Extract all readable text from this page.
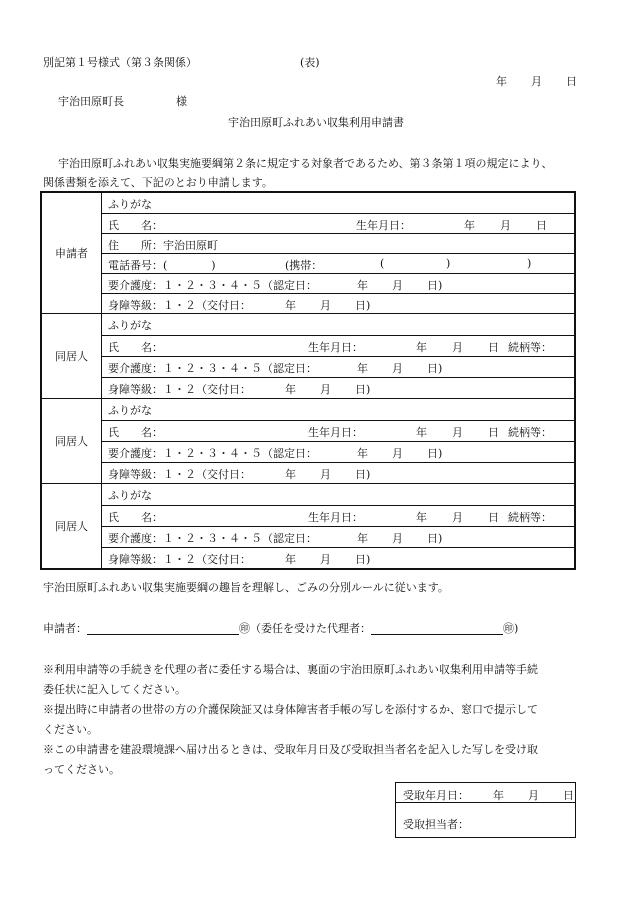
別記第１号様式（第３条関係）	(表)
年 月 日
宇治田原町長	様
宇治田原町ふれあい収集利用申請書
宇治田原町ふれあい収集実施要綱第２条に規定する対象者であるため、第３条第１項の規定により、
関係書類を添えて、下記のとおり申請します。
申請者
ふりがな
氏　　名：	生年月日：	年 月 日
住　　所：宇治田原町
電話番号：(　　　　)	(携帯：	(	)	)
要介護度：１・２・３・４・５（認定日：	年 月 日)
身障等級：１・２（交付日：	年 月 日)
同居人
ふりがな
氏　　名：	生年月日：	年 月 日 続柄等：
要介護度：１・２・３・４・５（認定日：	年 月 日)
身障等級：１・２（交付日：	年 月 日)
同居人
ふりがな
氏　　名：	生年月日：	年 月 日 続柄等：
要介護度：１・２・３・４・５（認定日：	年 月 日)
身障等級：１・２（交付日：	年 月 日)
同居人
ふりがな
氏　　名：	生年月日：	年 月 日 続柄等：
要介護度：１・２・３・４・５（認定日：	年 月 日)
身障等級：１・２（交付日：	年 月 日)
宇治田原町ふれあい収集実施要綱の趣旨を理解し、ごみの分別ルールに従います。
申請者：	㊞（委任を受けた代理者：	㊞)
※利用申請等の手続きを代理の者に委任する場合は、裏面の宇治田原町ふれあい収集利用申請等手続
委任状に記入してください。
※提出時に申請者の世帯の方の介護保険証又は身体障害者手帳の写しを添付するか、窓口で提示して
ください。
※この申請書を建設環境課へ届け出るときは、受取年月日及び受取担当者名を記入した写しを受け取
ってください。
受取年月日： 年 月 日
受取担当者：
